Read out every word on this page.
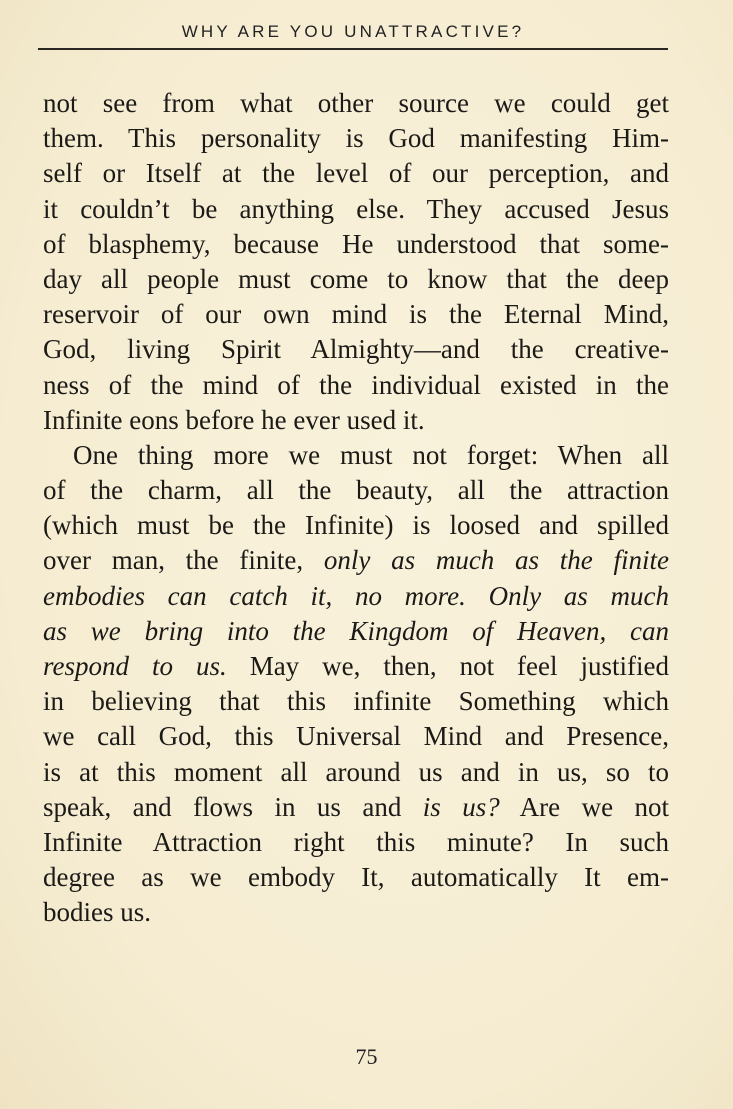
WHY ARE YOU UNATTRACTIVE?
not see from what other source we could get
them. This personality is God manifesting Him-
self or Itself at the level of our perception, and
it couldn’t be anything else. They accused Jesus
of blasphemy, because He understood that some-
day all people must come to know that the deep
reservoir of our own mind is the Eternal Mind,
God, living Spirit Almighty—and the creative-
ness of the mind of the individual existed in the
Infinite eons before he ever used it.
One thing more we must not forget: When all
of the charm, all the beauty, all the attraction
(which must be the Infinite) is loosed and spilled
over man, the finite, only as much as the finite
embodies can catch it, no more. Only as much
as we bring into the Kingdom of Heaven, can
respond to us. May we, then, not feel justified
in believing that this infinite Something which
we call God, this Universal Mind and Presence,
is at this moment all around us and in us, so to
speak, and flows in us and is us? Are we not
Infinite Attraction right this minute? In such
degree as we embody It, automatically It em-
bodies us.
75
